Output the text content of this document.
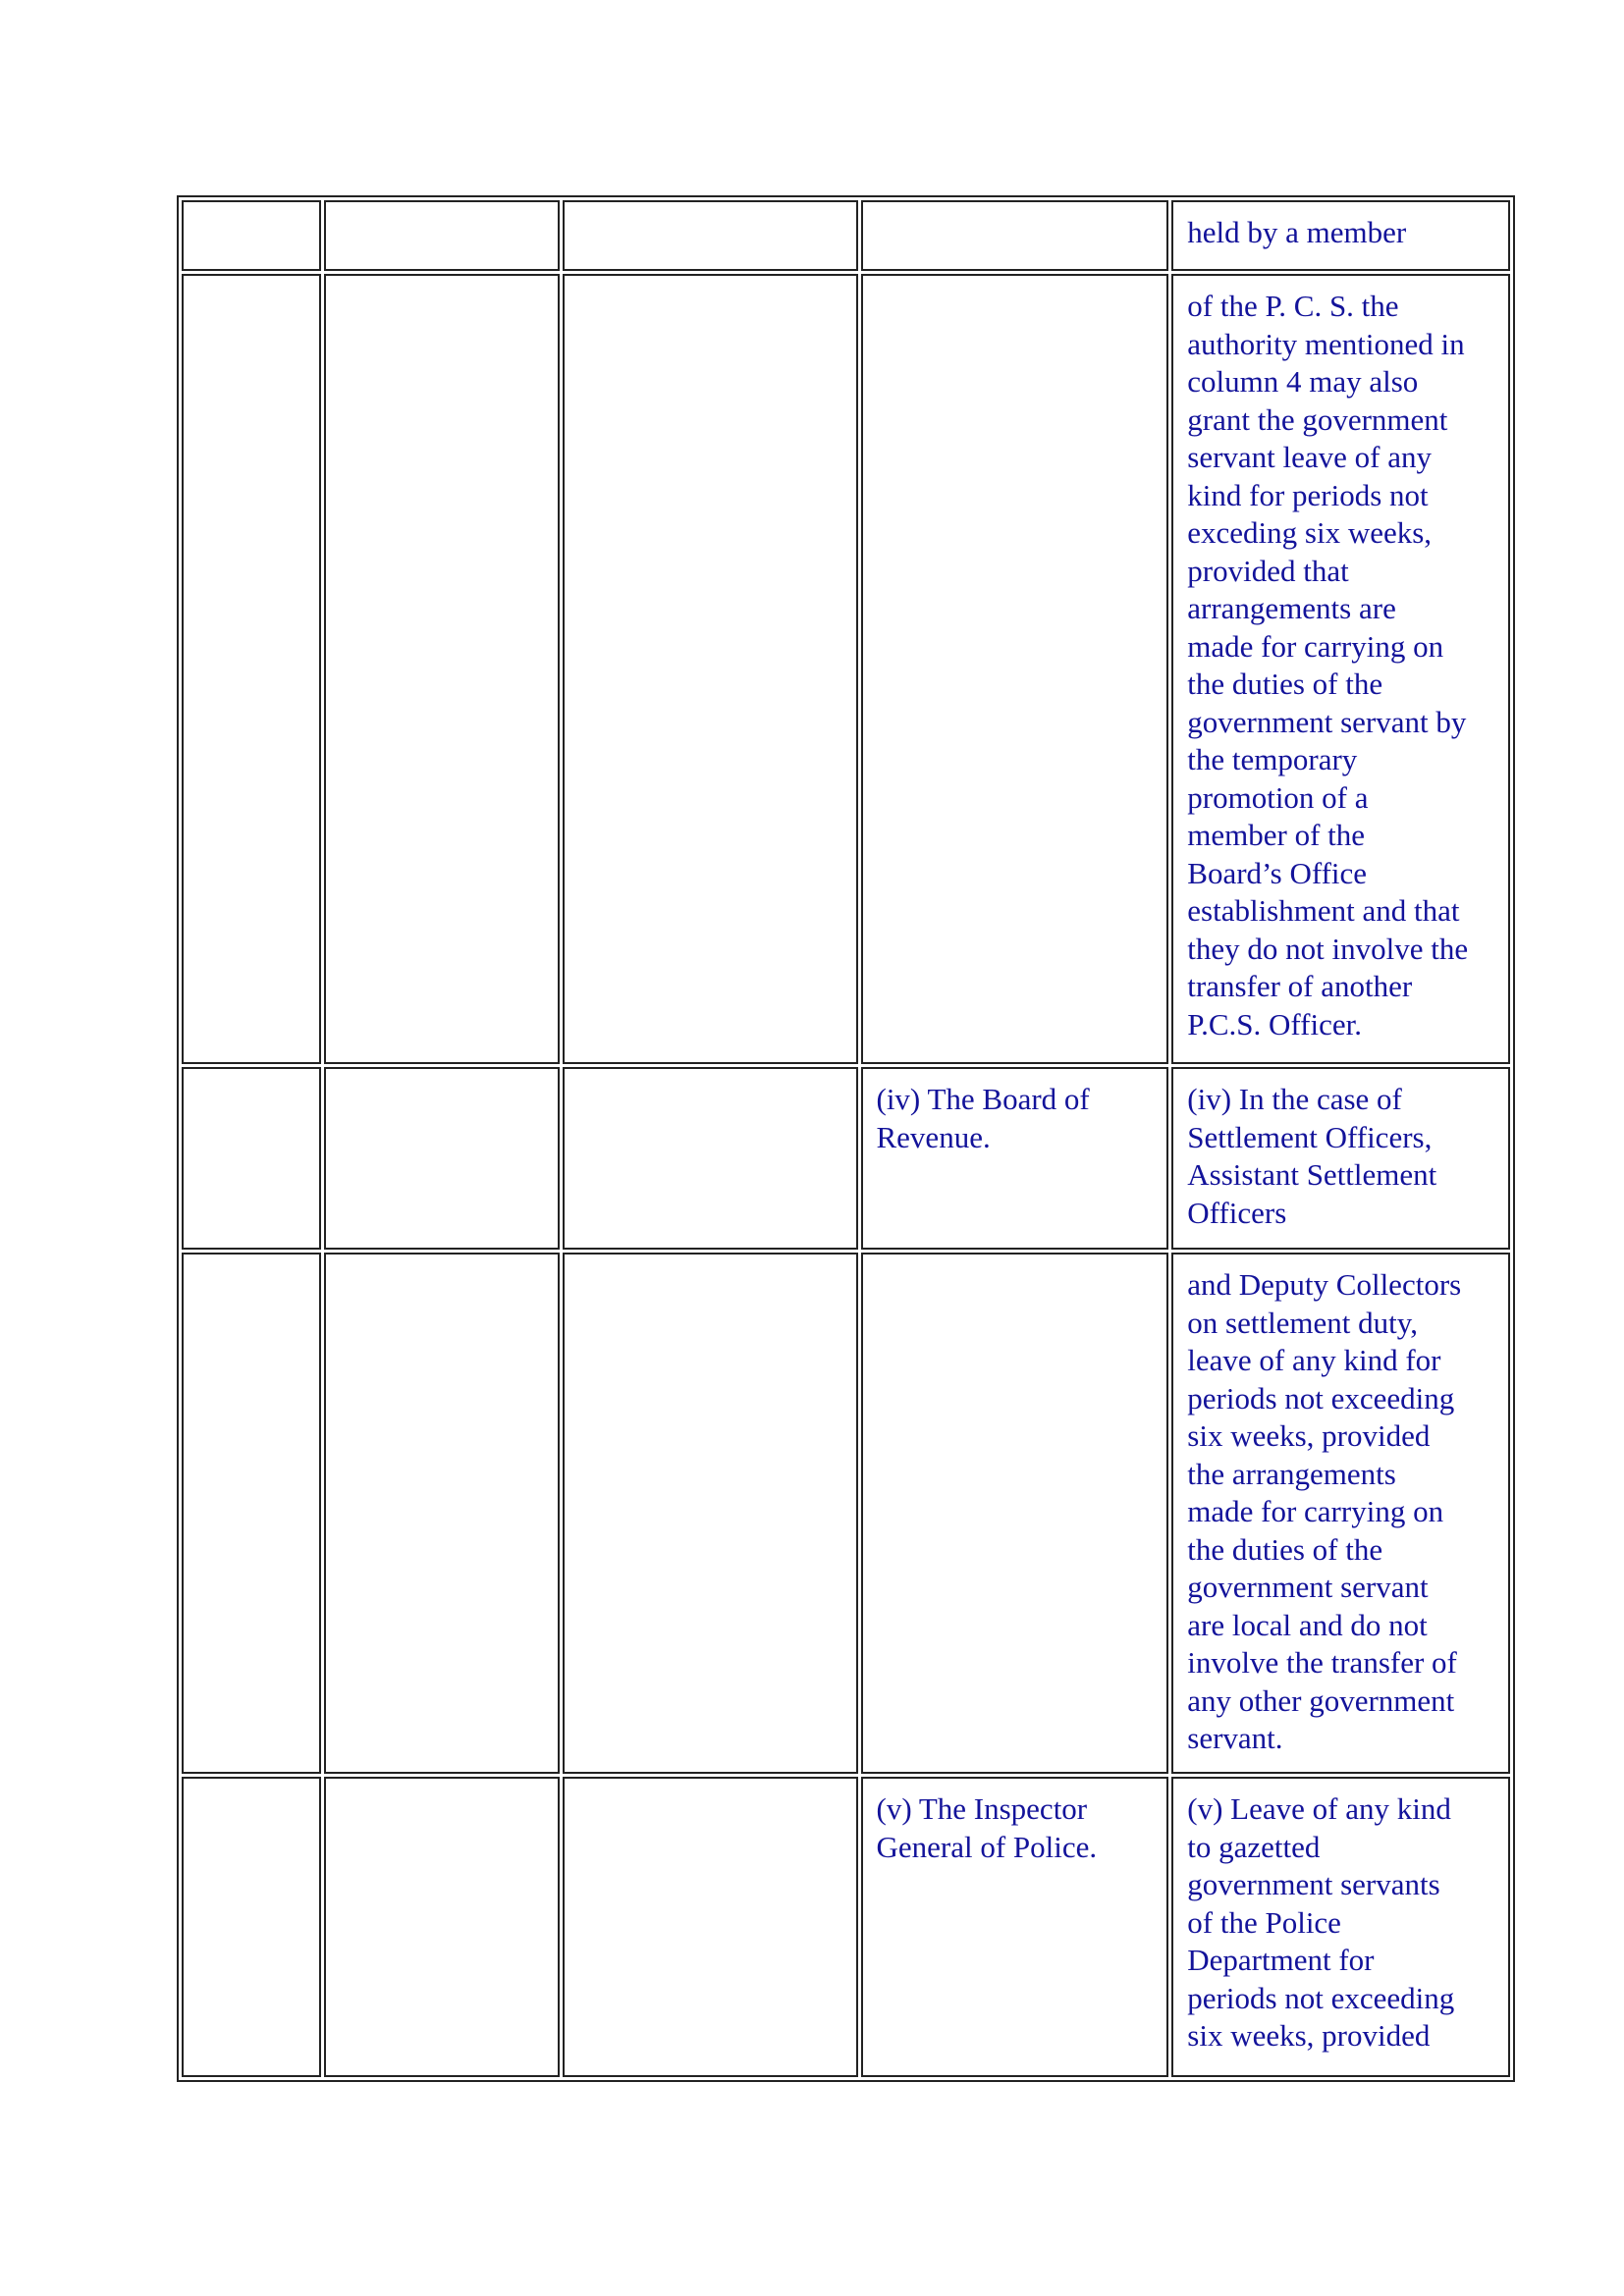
held by a member
of the P. C. S. the
authority mentioned in
column 4 may also
grant the government
servant leave of any
kind for periods not
exceding six weeks,
provided that
arrangements are
made for carrying on
the duties of the
government servant by
the temporary
promotion of a
member of the
Board’s Office
establishment and that
they do not involve the
transfer of another
P.C.S. Officer.
(iv) The Board of
Revenue.
(iv) In the case of
Settlement Officers,
Assistant Settlement
Officers
and Deputy Collectors
on settlement duty,
leave of any kind for
periods not exceeding
six weeks, provided
the arrangements
made for carrying on
the duties of the
government servant
are local and do not
involve the transfer of
any other government
servant.
(v) The Inspector
General of Police.
(v) Leave of any kind
to gazetted
government servants
of the Police
Department for
periods not exceeding
six weeks, provided
